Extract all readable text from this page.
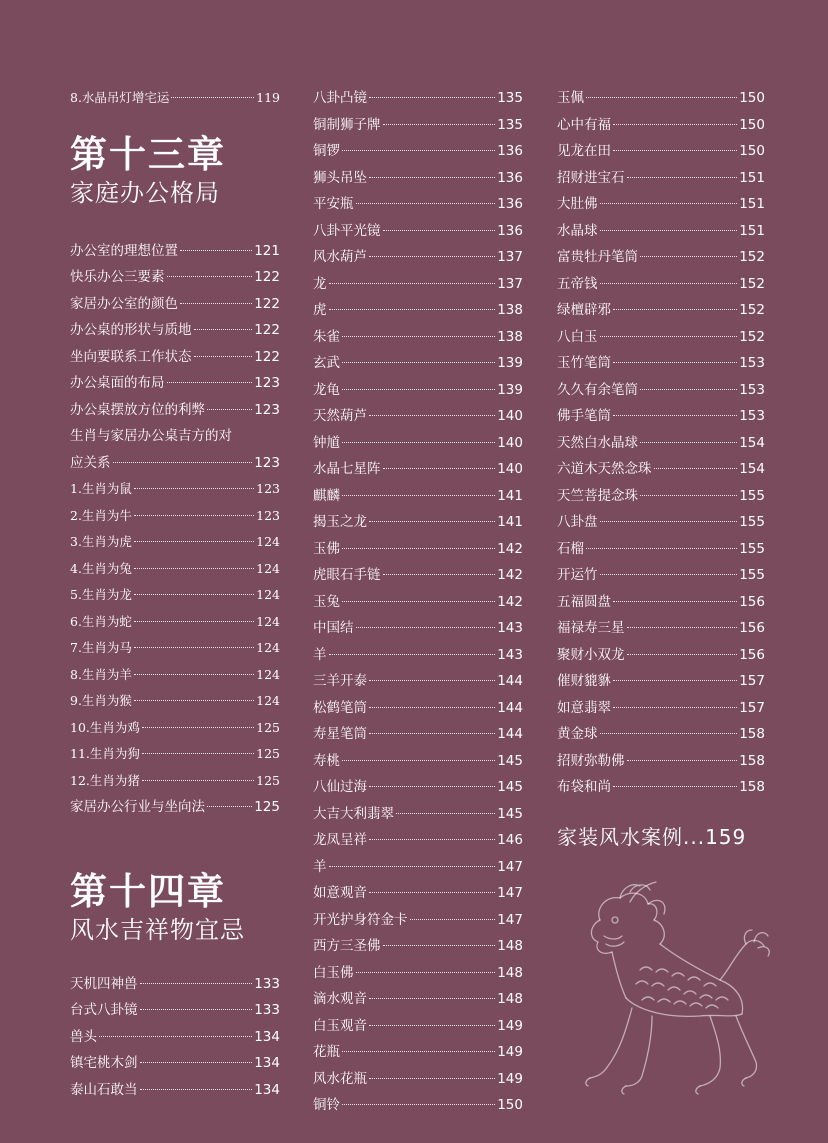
8.水晶吊灯增宅运	119
第十三章
家庭办公格局
办公室的理想位置	121
快乐办公三要素	122
家居办公室的颜色	122
办公桌的形状与质地	122
坐向要联系工作状态	122
办公桌面的布局	123
办公桌摆放方位的利弊	123
生肖与家居办公桌吉方的对
应关系	123
1.生肖为鼠	123
2.生肖为牛	123
3.生肖为虎	124
4.生肖为兔	124
5.生肖为龙	124
6.生肖为蛇	124
7.生肖为马	124
8.生肖为羊	124
9.生肖为猴	124
10.生肖为鸡	125
11.生肖为狗	125
12.生肖为猪	125
家居办公行业与坐向法	125
第十四章
风水吉祥物宜忌
天机四神兽	133
台式八卦镜	133
兽头	134
镇宅桃木剑	134
泰山石敢当	134
八卦凸镜	135
铜制狮子牌	135
铜锣	136
狮头吊坠	136
平安瓶	136
八卦平光镜	136
风水葫芦	137
龙	137
虎	138
朱雀	138
玄武	139
龙龟	139
天然葫芦	140
钟馗	140
水晶七星阵	140
麒麟	141
揭玉之龙	141
玉佛	142
虎眼石手链	142
玉兔	142
中国结	143
羊	143
三羊开泰	144
松鹤笔筒	144
寿星笔筒	144
寿桃	145
八仙过海	145
大吉大利翡翠	145
龙凤呈祥	146
羊	147
如意观音	147
开光护身符金卡	147
西方三圣佛	148
白玉佛	148
滴水观音	148
白玉观音	149
花瓶	149
风水花瓶	149
铜铃	150
玉佩	150
心中有福	150
见龙在田	150
招财进宝石	151
大肚佛	151
水晶球	151
富贵牡丹笔筒	152
五帝钱	152
绿檀辟邪	152
八白玉	152
玉竹笔筒	153
久久有余笔筒	153
佛手笔筒	153
天然白水晶球	154
六道木天然念珠	154
天竺菩提念珠	155
八卦盘	155
石榴	155
开运竹	155
五福圆盘	156
福禄寿三星	156
聚财小双龙	156
催财貔貅	157
如意翡翠	157
黄金球	158
招财弥勒佛	158
布袋和尚	158
家装风水案例...159
